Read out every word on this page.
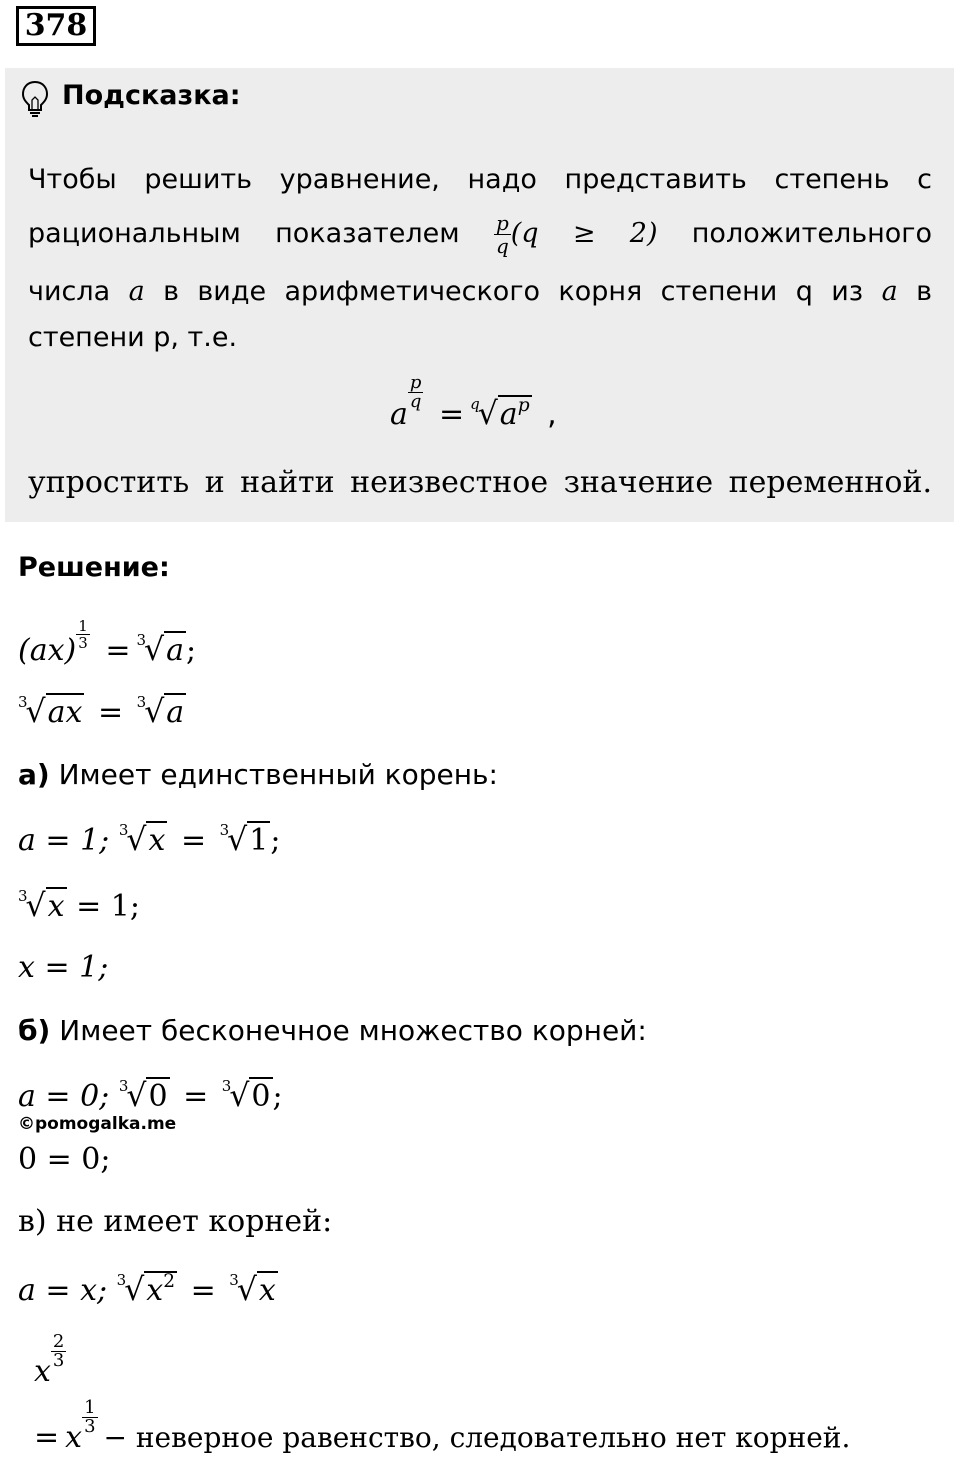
378
Подсказка:
Чтобы решить уравнение, надо представить степень с
рациональным показателем $\frac{p}{q} (q \ge 2)$ положительного
числа a в виде арифметического корня степени q из a в
степени p, т.е.
a
$\frac{p}{q}$
= $^q√a^p$ ,
упростить и найти неизвестное значение переменной.
Решение:
$(ax) \frac{1}{3} = ^3√a$;
$^3$√ax = $^3$√a
а) Имеет единственный корень:
a = 1; $^3$√x = $^3$√1;
$^3$√x = 1;
x = 1;
б) Имеет бесконечное множество корней:
a = 0; $^3$√0 = $^3$√0;
©pomogalka.me
0 = 0;
в) не имеет корней:
a = x; $^3√x^2 = ^3√x$
x
$\frac{2}{3}$
= x
$\frac{1}{3}$
− неверное равенство, следовательно нет корней.
